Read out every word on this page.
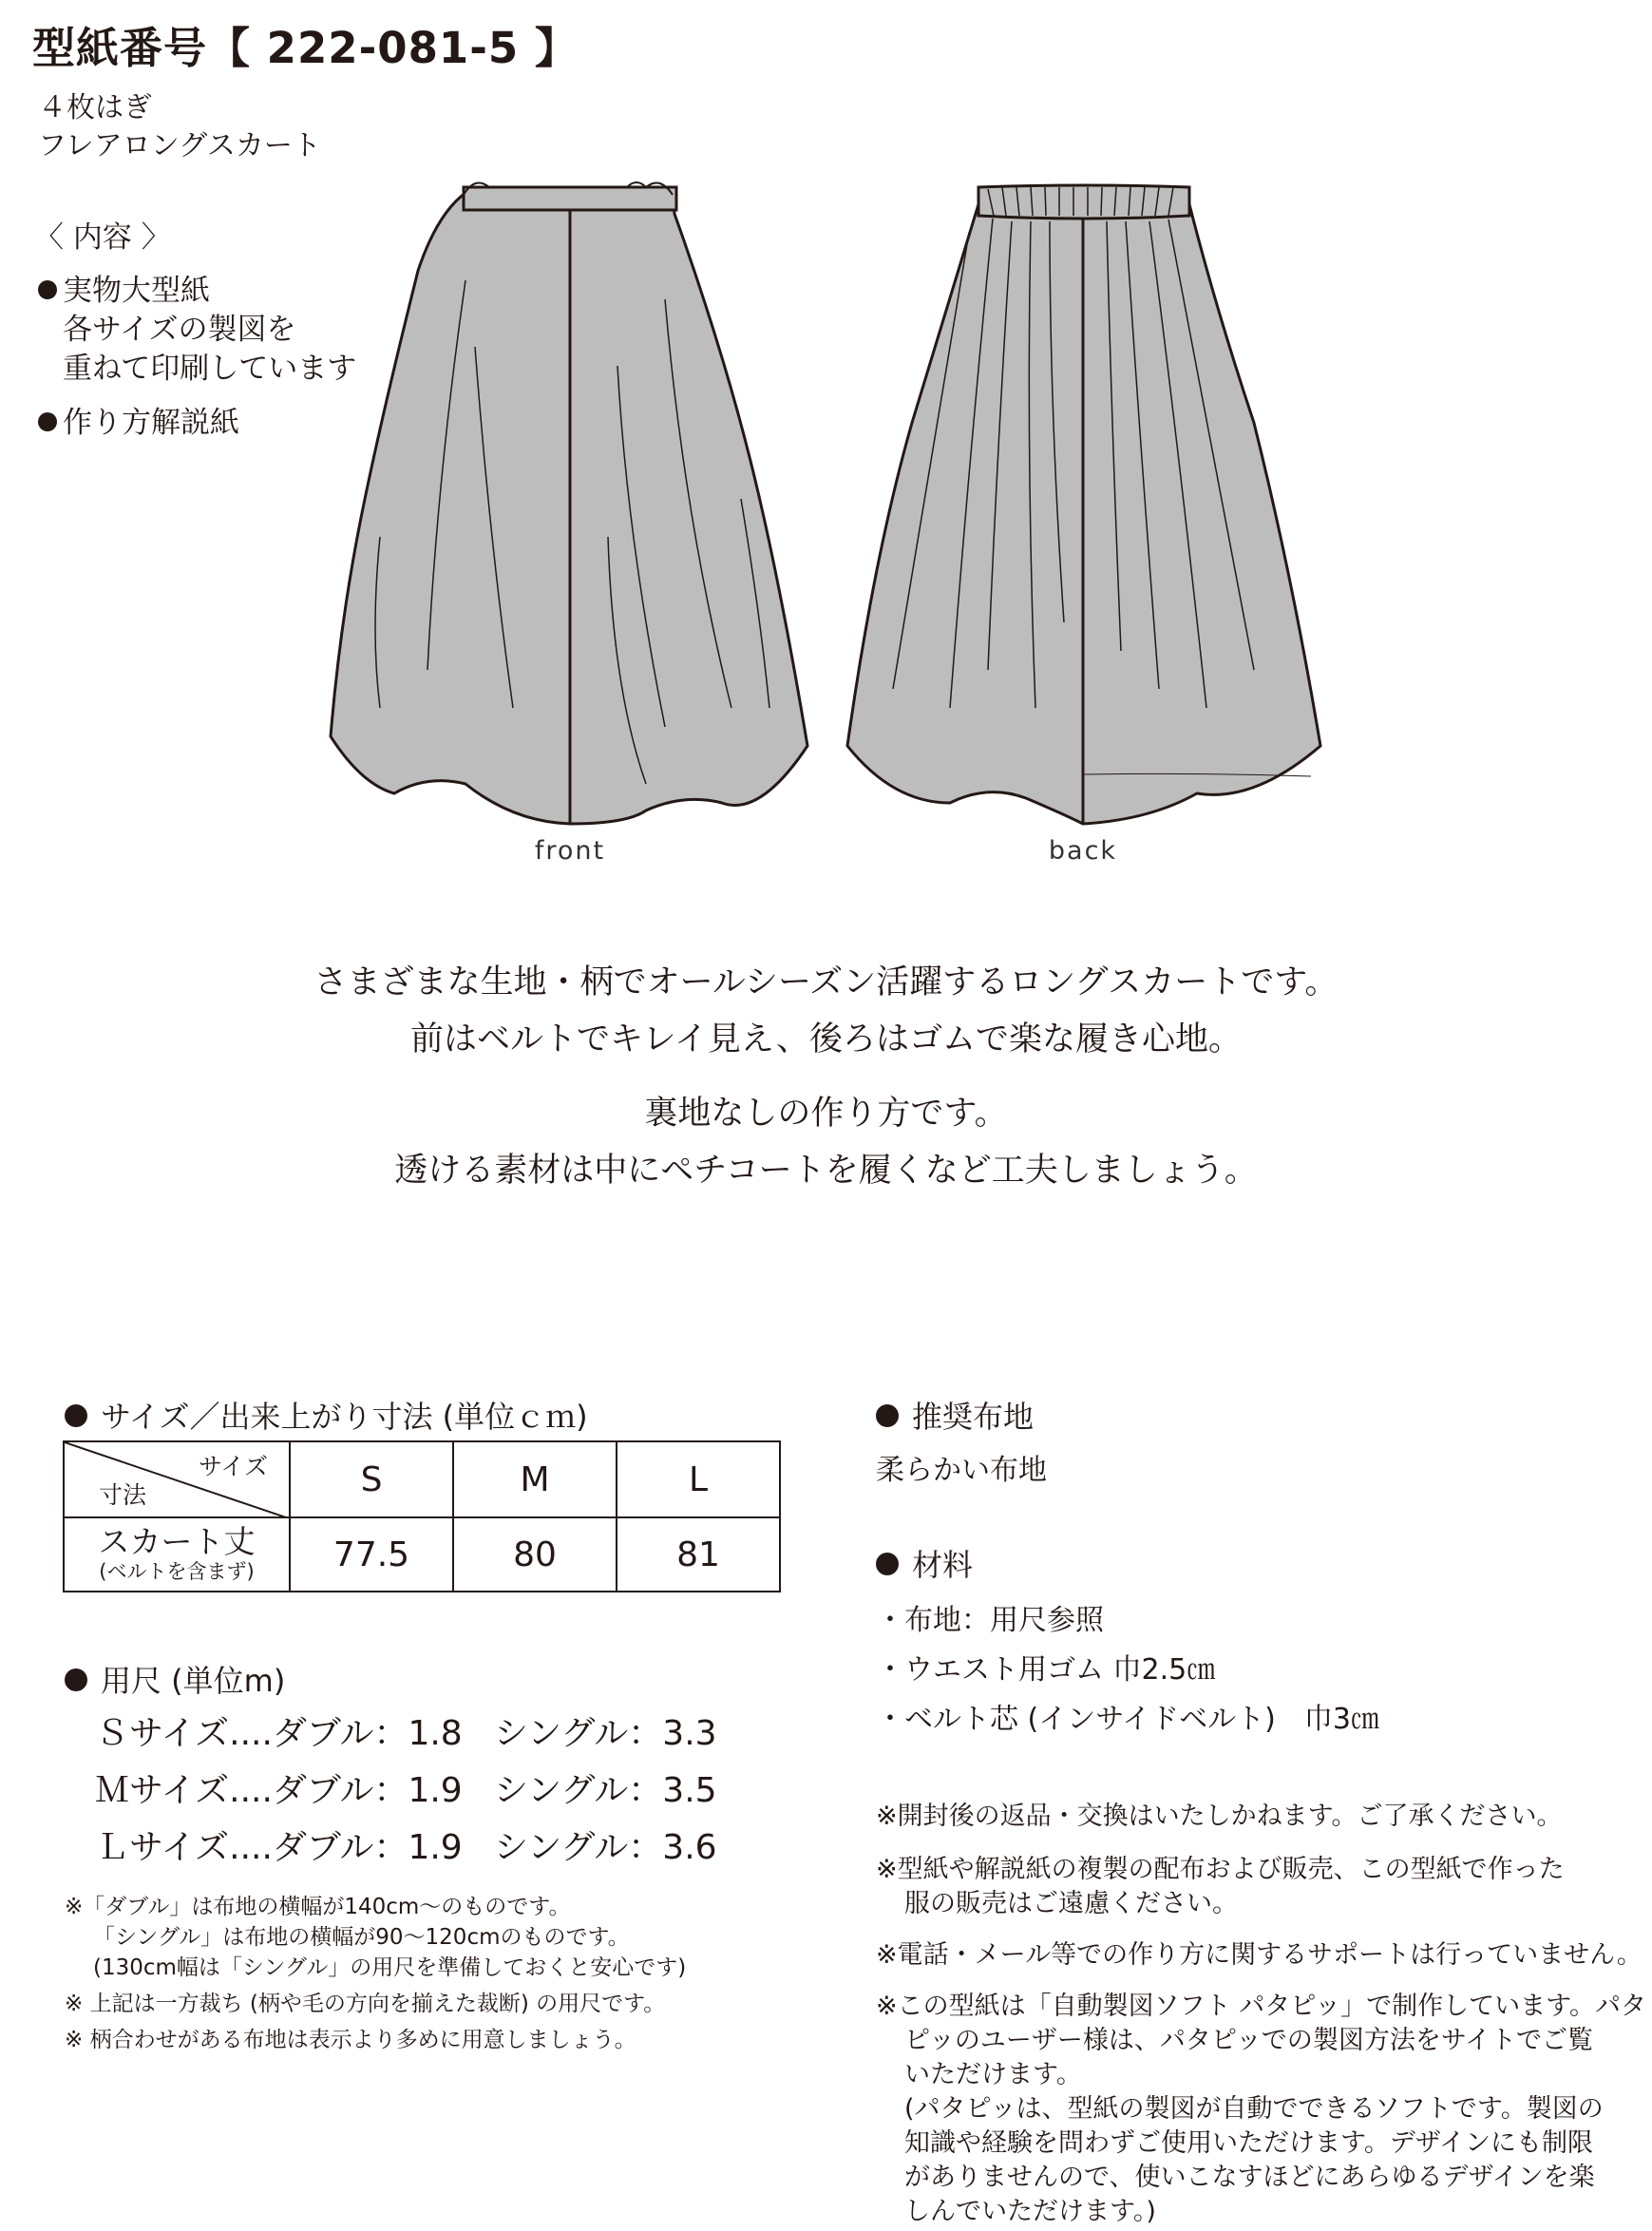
型紙番号【 222-081-5 】
４枚はぎ
フレアロングスカート
〈 内容 〉
実物大型紙
各サイズの製図を
重ねて印刷しています
作り方解説紙
front	back
さまざまな生地・柄でオールシーズン活躍するロングスカートです。
前はベルトでキレイ見え、後ろはゴムで楽な履き心地。
裏地なしの作り方です。
透ける素材は中にペチコートを履くなど工夫しましょう。
サイズ／出来上がり寸法 (単位ｃｍ)
サイズ
寸法	S	M	L

スカート丈
(ベルトを含まず)	77.5	80	81
用尺 (単位m)
Ｓサイズ....ダブル：1.8 シングル：3.3
Ｍサイズ....ダブル：1.9 シングル：3.5
Ｌサイズ....ダブル：1.9 シングル：3.6
※「ダブル」は布地の横幅が140cm〜のものです。
「シングル」は布地の横幅が90〜120cmのものです。
(130cm幅は「シングル」の用尺を準備しておくと安心です)
※ 上記は一方裁ち (柄や毛の方向を揃えた裁断) の用尺です。
※ 柄合わせがある布地は表示より多めに用意しましょう。
推奨布地
柔らかい布地
材料
・布地：用尺参照
・ウエスト用ゴム 巾2.5㎝
・ベルト芯 (インサイドベルト)　巾3㎝
※開封後の返品・交換はいたしかねます。ご了承ください。
※型紙や解説紙の複製の配布および販売、この型紙で作った
服の販売はご遠慮ください。
※電話・メール等での作り方に関するサポートは行っていません。
※この型紙は「自動製図ソフト パタピッ」で制作しています。パタ
ピッのユーザー様は、パタピッでの製図方法をサイトでご覧
いただけます。
(パタピッは、型紙の製図が自動でできるソフトです。製図の
知識や経験を問わずご使用いただけます。デザインにも制限
がありませんので、使いこなすほどにあらゆるデザインを楽
しんでいただけます。)
